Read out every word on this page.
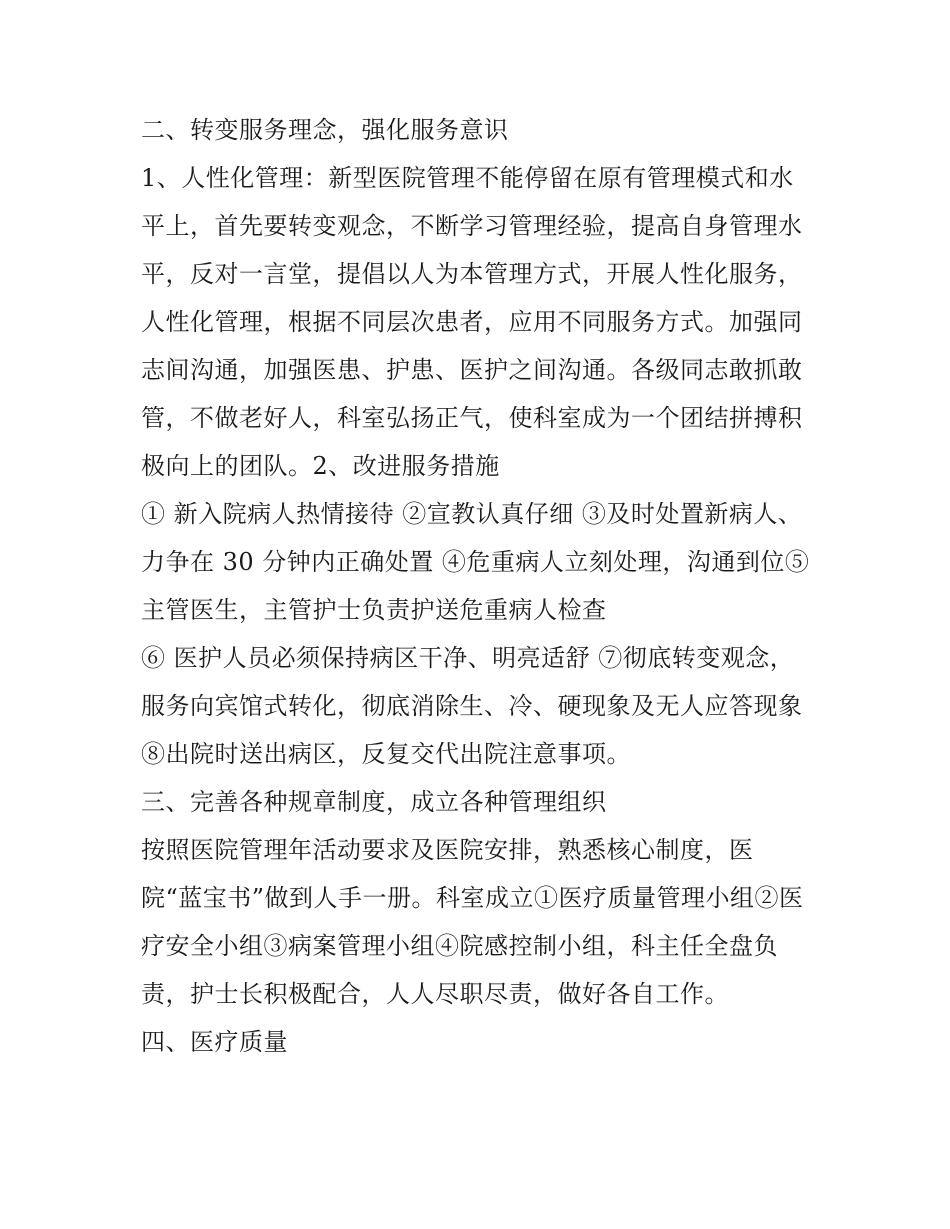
二、转变服务理念，强化服务意识
1、人性化管理：新型医院管理不能停留在原有管理模式和水
平上，首先要转变观念，不断学习管理经验，提高自身管理水
平，反对一言堂，提倡以人为本管理方式，开展人性化服务，
人性化管理，根据不同层次患者，应用不同服务方式。加强同
志间沟通，加强医患、护患、医护之间沟通。各级同志敢抓敢
管，不做老好人，科室弘扬正气，使科室成为一个团结拼搏积
极向上的团队。2、改进服务措施
① 新入院病人热情接待 ②宣教认真仔细 ③及时处置新病人、
力争在 30 分钟内正确处置 ④危重病人立刻处理，沟通到位⑤
主管医生，主管护士负责护送危重病人检查
⑥ 医护人员必须保持病区干净、明亮适舒 ⑦彻底转变观念，
服务向宾馆式转化，彻底消除生、冷、硬现象及无人应答现象
⑧出院时送出病区，反复交代出院注意事项。
三、完善各种规章制度，成立各种管理组织
按照医院管理年活动要求及医院安排，熟悉核心制度，医
院“蓝宝书”做到人手一册。科室成立①医疗质量管理小组②医
疗安全小组③病案管理小组④院感控制小组，科主任全盘负
责，护士长积极配合，人人尽职尽责，做好各自工作。
四、医疗质量
